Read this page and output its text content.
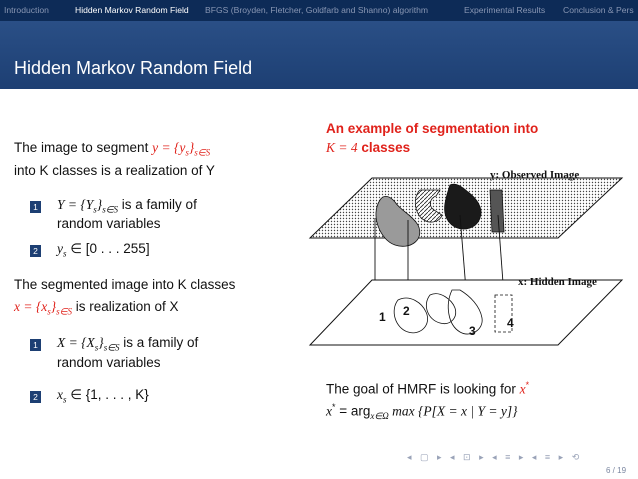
Introduction	Hidden Markov Random Field BFGS (Broyden, Fletcher, Goldfarb and Shanno) algorithm	Experimental Results Conclusion & Pers
Hidden Markov Random Field
The image to segment $y = \{y_s\}_{s\in S}$
into K classes is a realization of Y
1 $Y = \{Y_s\}_{s\in S}$ is a family of
random variables
2 $y_s$ ∈ [0 . . . 255]
The segmented image into K classes
$x = \{x_s\}_{s\in S}$ is realization of X
1 $X = \{X_s\}_{s\in S}$ is a family of
random variables
2 $x_s$ ∈ {1, . . . , K}
An example of segmentation into
K = 4 classes
y: Observed Image
x: Hidden Image
1 2
3
4
The goal of HMRF is looking for x*
x* = arg$_{x\in\Omega}$ max {P[X = x | Y = y]}
◂ ▢ ▸ ◂ ⊡ ▸ ◂ ≡ ▸ ◂ ≡ ▸ ⟲
6 / 19
